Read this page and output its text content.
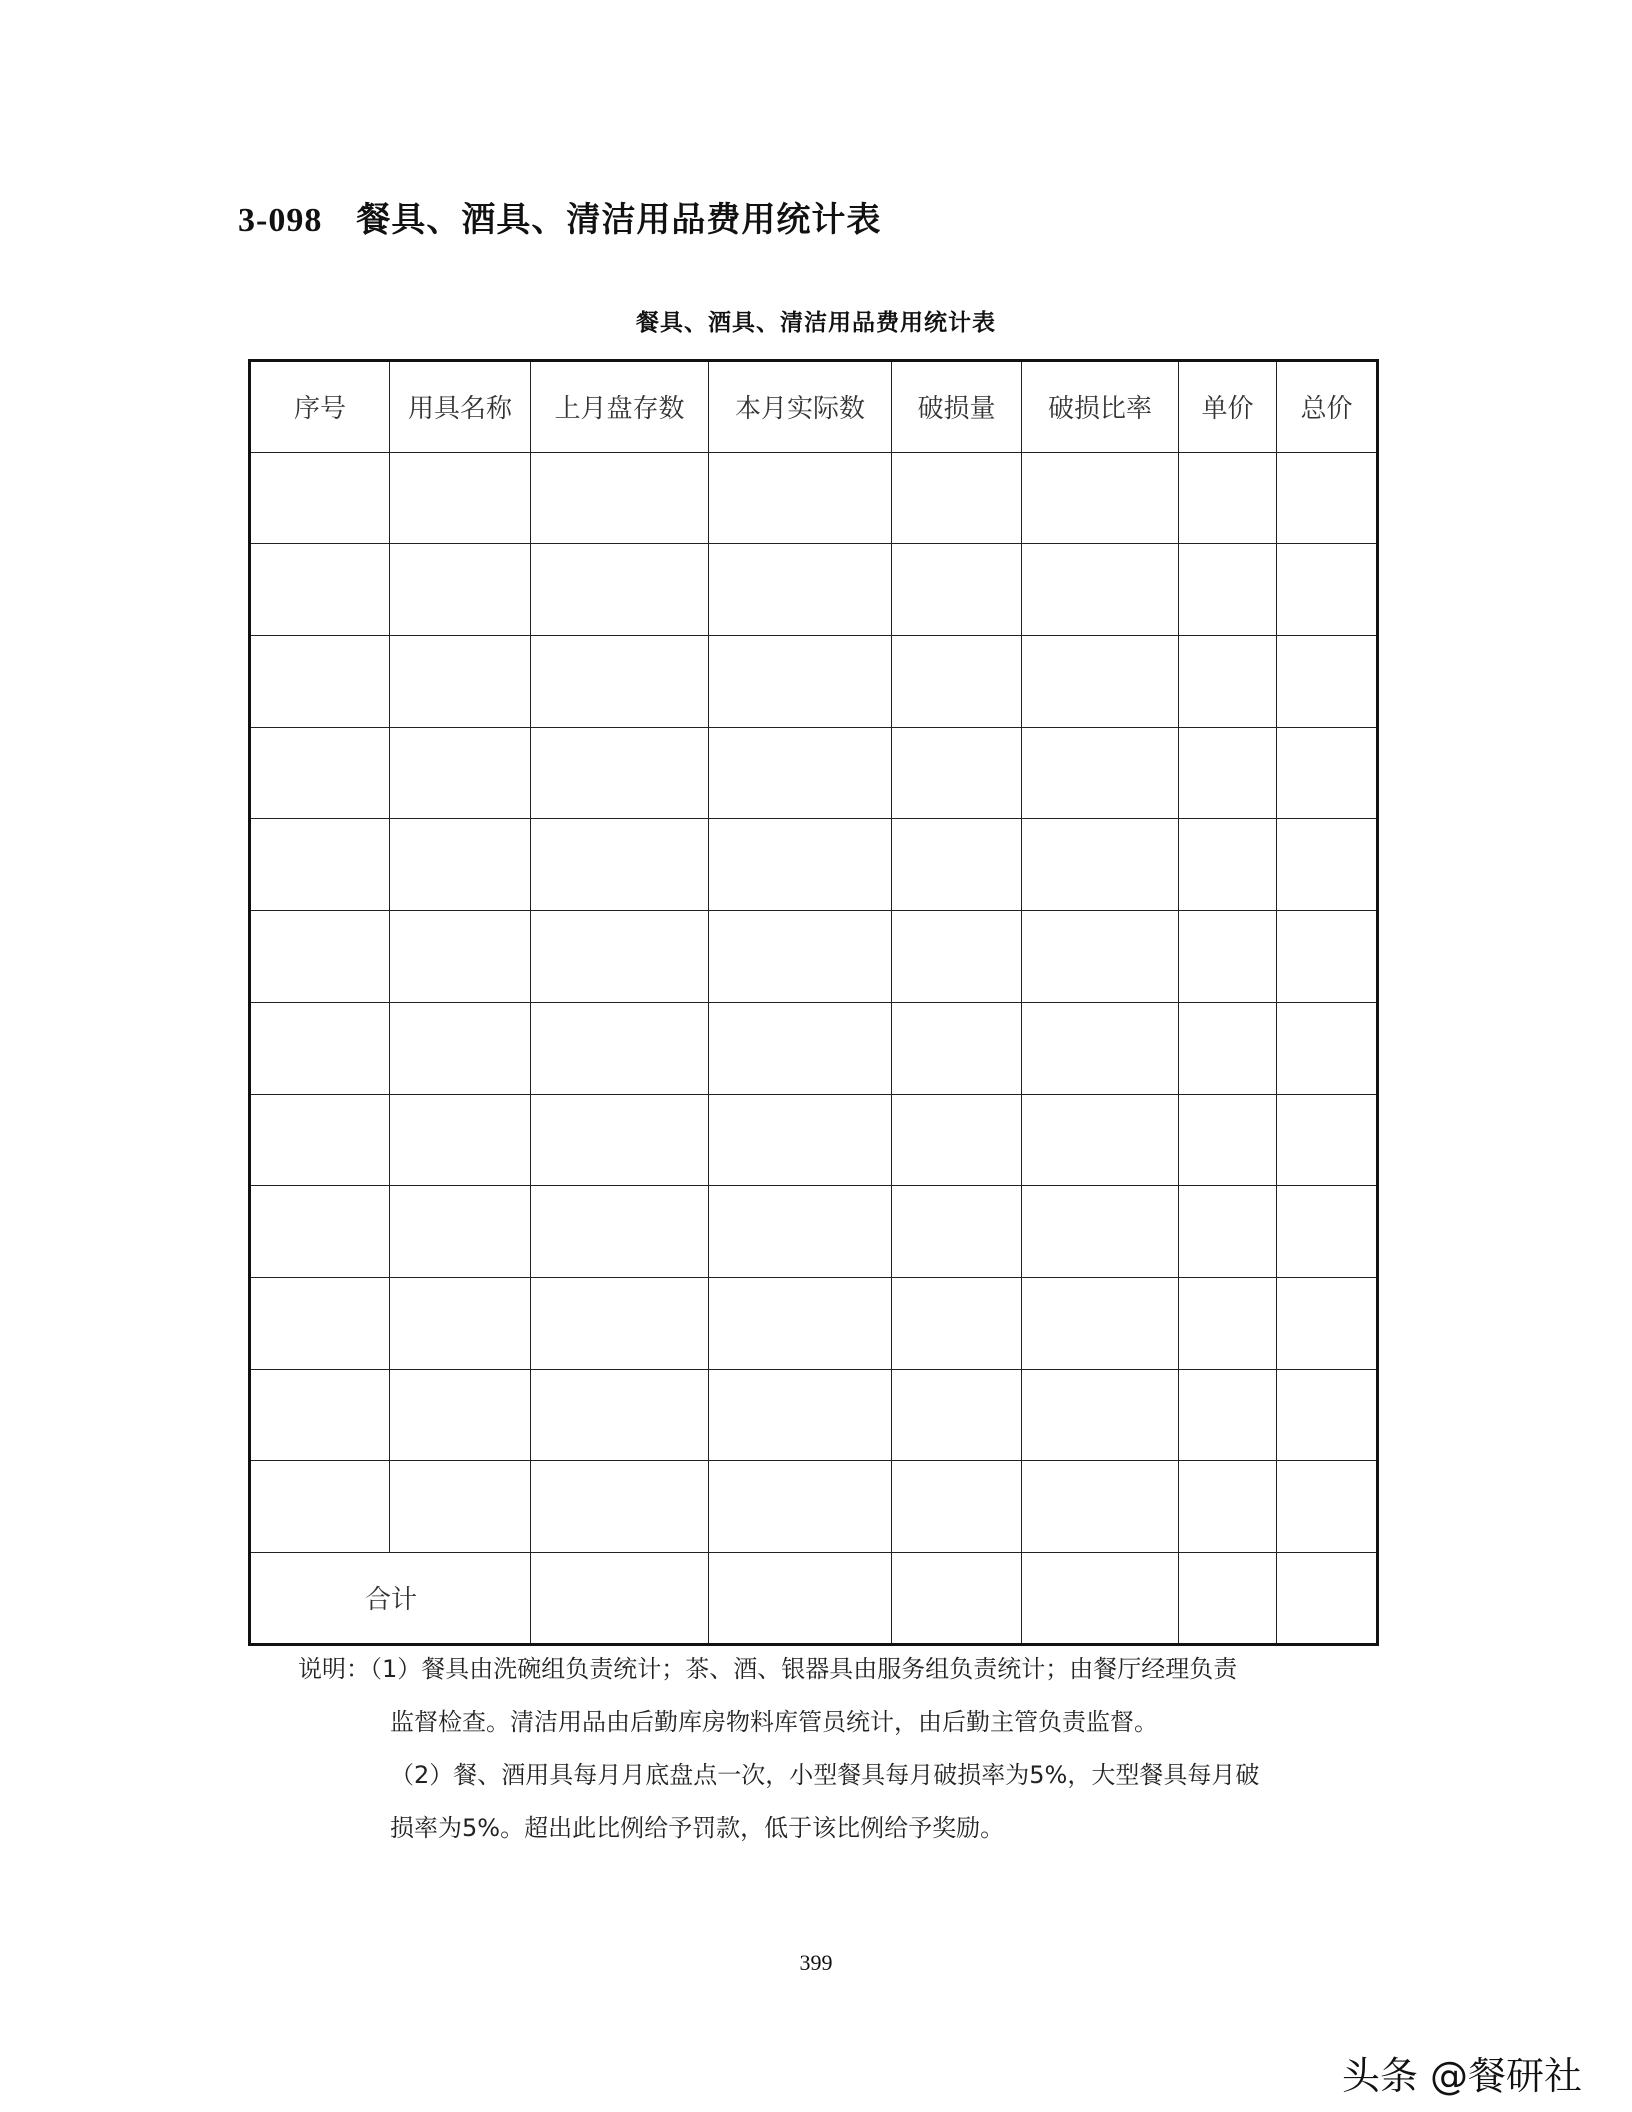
3-098 餐具、酒具、清洁用品费用统计表
餐具、酒具、清洁用品费用统计表
序号	用具名称	上月盘存数	本月实际数	破损量	破损比率	单价	总价

合计							

说明：（1）餐具由洗碗组负责统计；茶、酒、银器具由服务组负责统计；由餐厅经理负责

监督检查。清洁用品由后勤库房物料库管员统计，由后勤主管负责监督。

（2）餐、酒用具每月月底盘点一次，小型餐具每月破损率为5%，大型餐具每月破

损率为5%。超出此比例给予罚款，低于该比例给予奖励。

399
头条 @餐研社
